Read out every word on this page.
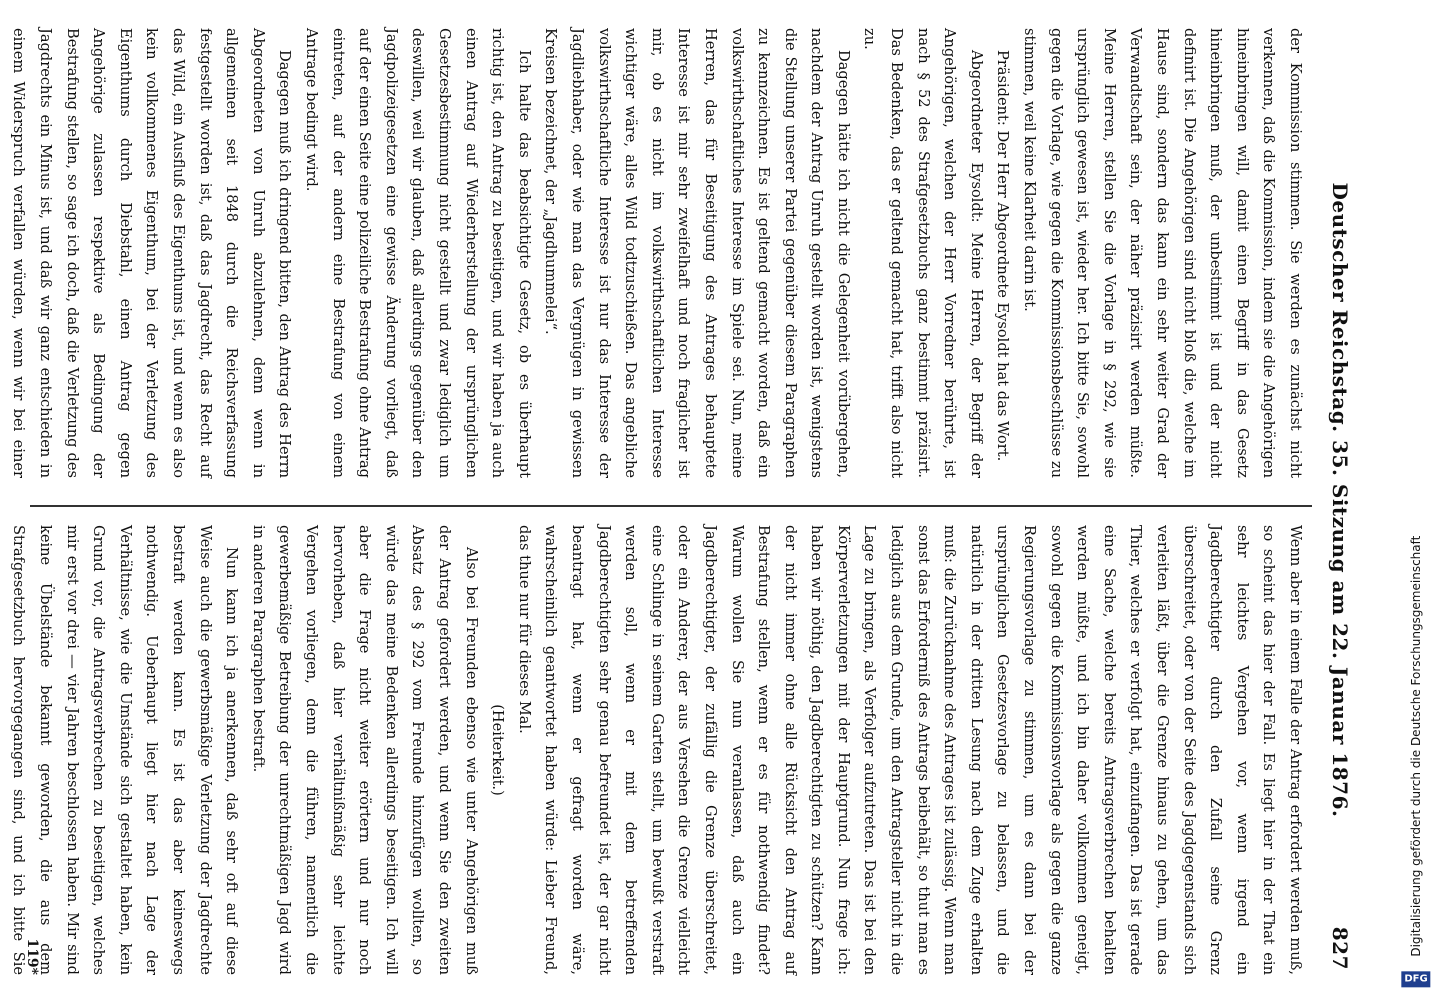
Deutscher Reichstag. 35. Sitzung am 22. Januar 1876.
827

der Kommission stimmen. Sie werden es zunächst nicht verkennen, daß die Kommission, indem sie die Angehörigen hineinbringen will, damit einen Begriff in das Gesetz hineinbringen muß, der unbestimmt ist und der nicht definirt ist. Die Angehörigen sind nicht bloß die, welche im Hause sind, sondern das kann ein sehr weiter Grad der Verwandtschaft sein, der näher präzisirt werden müßte. Meine Herren, stellen Sie die Vorlage in § 292, wie sie ursprünglich gewesen ist, wieder her. Ich bitte Sie, sowohl gegen die Vorlage, wie gegen die Kommissionsbeschlüsse zu stimmen, weil keine Klarheit darin ist.

Präsident: Der Herr Abgeordnete Eysoldt hat das Wort.

Abgeordneter Eysoldt: Meine Herren, der Begriff der Angehörigen, welchen der Herr Vorredner berührte, ist nach § 52 des Strafgesetzbuchs ganz bestimmt präzisirt. Das Bedenken, das er geltend gemacht hat, trifft also nicht zu.

Dagegen hätte ich nicht die Gelegenheit vorübergehen, nachdem der Antrag Unruh gestellt worden ist, wenigstens die Stellung unserer Partei gegenüber diesem Paragraphen zu kennzeichnen. Es ist geltend gemacht worden, daß ein volkswirthschaftliches Interesse im Spiele sei. Nun, meine Herren, das für Beseitigung des Antrages behauptete Interesse ist mir sehr zweifelhaft und noch fraglicher ist mir, ob es nicht im volkswirthschaftlichen Interesse wichtiger wäre, alles Wild todtzuschießen. Das angebliche volkswirthschaftliche Interesse ist nur das Interesse der Jagdliebhaber, oder wie man das Vergnügen in gewissen Kreisen bezeichnet, der „Jagdhummelei“.

Ich halte das beabsichtigte Gesetz, ob es überhaupt richtig ist, den Antrag zu beseitigen, und wir haben ja auch einen Antrag auf Wiederherstellung der ursprünglichen Gesetzesbestimmung nicht gestellt und zwar lediglich um deswillen, weil wir glauben, daß allerdings gegenüber den Jagdpolizeigesetzen eine gewisse Änderung vorliegt, daß auf der einen Seite eine polizeiliche Bestrafung ohne Antrag eintreten, auf der andern eine Bestrafung von einem Antrage bedingt wird.

Dagegen muß ich dringend bitten, den Antrag des Herrn Abgeordneten von Unruh abzulehnen, denn wenn in allgemeinen seit 1848 durch die Reichsverfassung festgestellt worden ist, daß das Jagdrecht, das Recht auf das Wild, ein Ausfluß des Eigenthums ist, und wenn es also kein vollkommenes Eigenthum, bei der Verletzung des Eigenthums durch Diebstahl, einen Antrag gegen Angehörige zulassen respektive als Bedingung der Bestrafung stellen, so sage ich doch, daß die Verletzung des Jagdrechts ein Minus ist, und daß wir ganz entschieden in einem Widerspruch verfallen würden, wenn wir bei einer

Wenn aber in einem Falle der Antrag erfordert werden muß, so scheint das hier der Fall. Es liegt hier in der That ein sehr leichtes Vergehen vor, wenn irgend ein Jagdberechtigter durch den Zufall seine Grenz überschreitet, oder von der Seite des Jagdgegenstands sich verleiten läßt, über die Grenze hinaus zu gehen, um das Thier, welches er verfolgt hat, einzufangen. Das ist gerade eine Sache, welche bereits Antragsverbrechen behalten werden müßte, und ich bin daher vollkommen geneigt, sowohl gegen die Kommissionsvorlage als gegen die ganze Regierungsvorlage zu stimmen, um es dann bei der ursprünglichen Gesetzesvorlage zu belassen, und die natürlich in der dritten Lesung nach dem Zuge erhalten muß: die Zurücknahme des Antrages ist zulässig. Wenn man sonst das Erforderniß des Antrags beibehält, so thut man es lediglich aus dem Grunde, um den Antragsteller nicht in die Lage zu bringen, als Verfolger aufzutreten. Das ist bei den Körperverletzungen mit der Hauptgrund. Nun frage ich: haben wir nöthig, den Jagdberechtigten zu schützen? Kann der nicht immer ohne alle Rücksicht den Antrag auf Bestrafung stellen, wenn er es für nothwendig findet? Warum wollen Sie nun veranlassen, daß auch ein Jagdberechtigter, der zufällig die Grenze überschreitet, oder ein Anderer, der aus Versehen die Grenze vielleicht eine Schlinge in seinem Garten stellt, um bewußt verstraft werden soll, wenn er mit dem betreffenden Jagdberechtigten sehr genau befreundet ist, der gar nicht beantragt hat, wenn er gefragt worden wäre, wahrscheinlich geantwortet haben würde: Lieber Freund, das thue nur für dieses Mal.

(Heiterkeit.)

Also bei Freunden ebenso wie unter Angehörigen muß der Antrag gefordert werden, und wenn Sie den zweiten Absatz des § 292 vom Freunde hinzufügen wollten, so würde das meine Bedenken allerdings beseitigen. Ich will aber die Frage nicht weiter erörtern und nur noch hervorheben, daß hier verhältnißmäßig sehr leichte Vergehen vorliegen, denn die führen, namentlich die gewerbemäßige Betreibung der unrechtmäßigen Jagd wird in anderen Paragraphen bestraft.

Nun kann ich ja anerkennen, daß sehr oft auf diese Weise auch die gewerbsmäßige Verletzung der Jagdrechte bestraft werden kann. Es ist das aber keineswegs nothwendig. Ueberhaupt liegt hier nach Lage der Verhältnisse, wie die Umstände sich gestaltet haben, kein Grund vor, die Antragsverbrechen zu beseitigen, welches mir erst vor drei — vier Jahren beschlossen haben. Mir sind keine Übelstände bekannt geworden, die aus dem Strafgesetzbuch hervorgegangen sind, und ich bitte Sie

119*
DFG
Digitalisierung gefördert durch die Deutsche Forschungsgemeinschaft
